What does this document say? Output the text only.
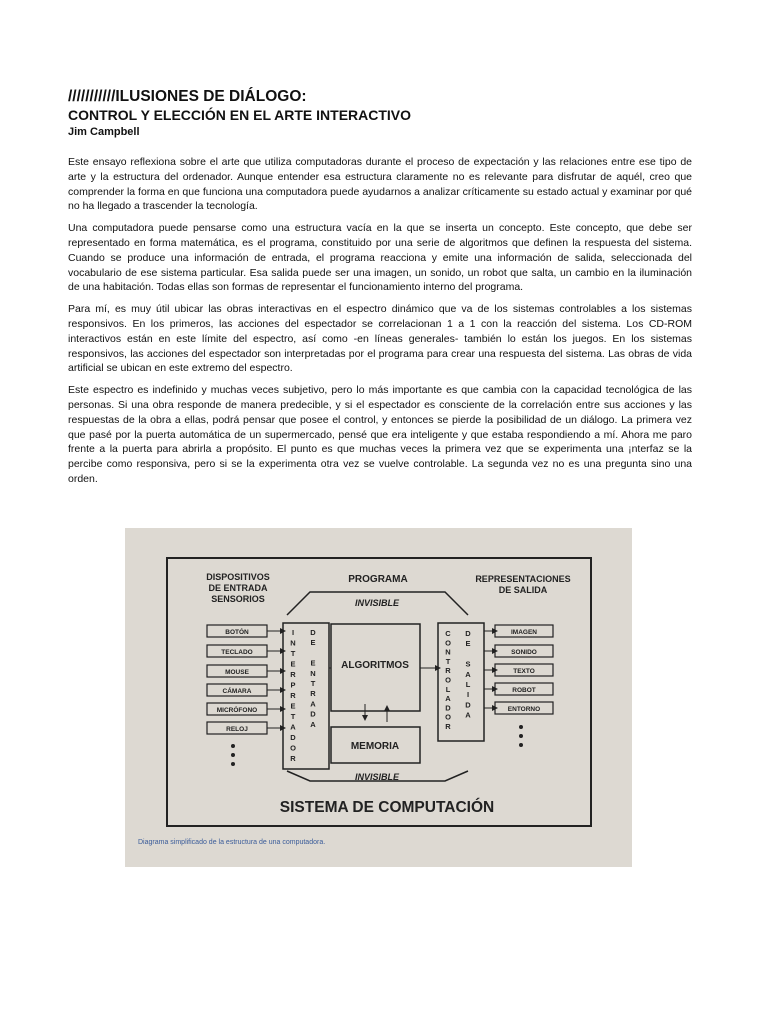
///////////ILUSIONES DE DIÁLOGO:
CONTROL Y ELECCIÓN EN EL ARTE INTERACTIVO

Jim Campbell

Este ensayo reflexiona sobre el arte que utiliza computadoras durante el proceso de expectación y las relaciones entre ese tipo de arte y la estructura del ordenador. Aunque entender esa estructura claramente no es relevante para disfrutar de aquél, creo que comprender la forma en que funciona una computadora puede ayudarnos a analizar críticamente su estado actual y examinar por qué no ha llegado a trascender la tecnología.

Una computadora puede pensarse como una estructura vacía en la que se inserta un concepto. Este concepto, que debe ser representado en forma matemática, es el programa, constituido por una serie de algoritmos que definen la respuesta del sistema. Cuando se produce una información de entrada, el programa reacciona y emite una información de salida, seleccionada del vocabulario de ese sistema particular. Esa salida puede ser una imagen, un sonido, un robot que salta, un cambio en la iluminación de una habitación. Todas ellas son formas de representar el funcionamiento interno del programa.

Para mí, es muy útil ubicar las obras interactivas en el espectro dinámico que va de los sistemas controlables a los sistemas responsivos. En los primeros, las acciones del espectador se correlacionan 1 a 1 con la reacción del sistema. Los CD-ROM interactivos están en este límite del espectro, así como -en líneas generales- también lo están los juegos. En los sistemas responsivos, las acciones del espectador son interpretadas por el programa para crear una respuesta del sistema. Las obras de vida artificial se ubican en este extremo del espectro.

Este espectro es indefinido y muchas veces subjetivo, pero lo más importante es que cambia con la capacidad tecnológica de las personas. Si una obra responde de manera predecible, y si el espectador es consciente de la correlación entre sus acciones y las respuestas de la obra a ellas, podrá pensar que posee el control, y entonces se pierde la posibilidad de un diálogo. La primera vez que pasé por la puerta automática de un supermercado, pensé que era inteligente y que estaba respondiendo a mí. Ahora me paro frente a la puerta para abrirla a propósito. El punto es que muchas veces la primera vez que se experimenta una ¡nterfaz se la percibe como responsiva, pero si se la experimenta otra vez se vuelve controlable. La segunda vez no es una pregunta sino una orden.

DISPOSITIVOS
DE ENTRADA
SENSORIOS
PROGRAMA	REPRESENTACIONES
DE SALIDA
INVISIBLE
BOTÓN
TECLADO
MOUSE
CÁMARA
MICRÓFONO
RELOJ
I
N
T
E
R
P
R
E
T
A
D
O
R
D
E
E
N
T
R
A
D
A
ALGORITMOS
MEMORIA
C
O
N
T
R
O
L
A
D
O
R
D
E
S
A
L
I
D
A
IMAGEN
SONIDO
TEXTO
ROBOT
ENTORNO
INVISIBLE
SISTEMA DE COMPUTACIÓN
Diagrama simplificado de la estructura de una computadora.
